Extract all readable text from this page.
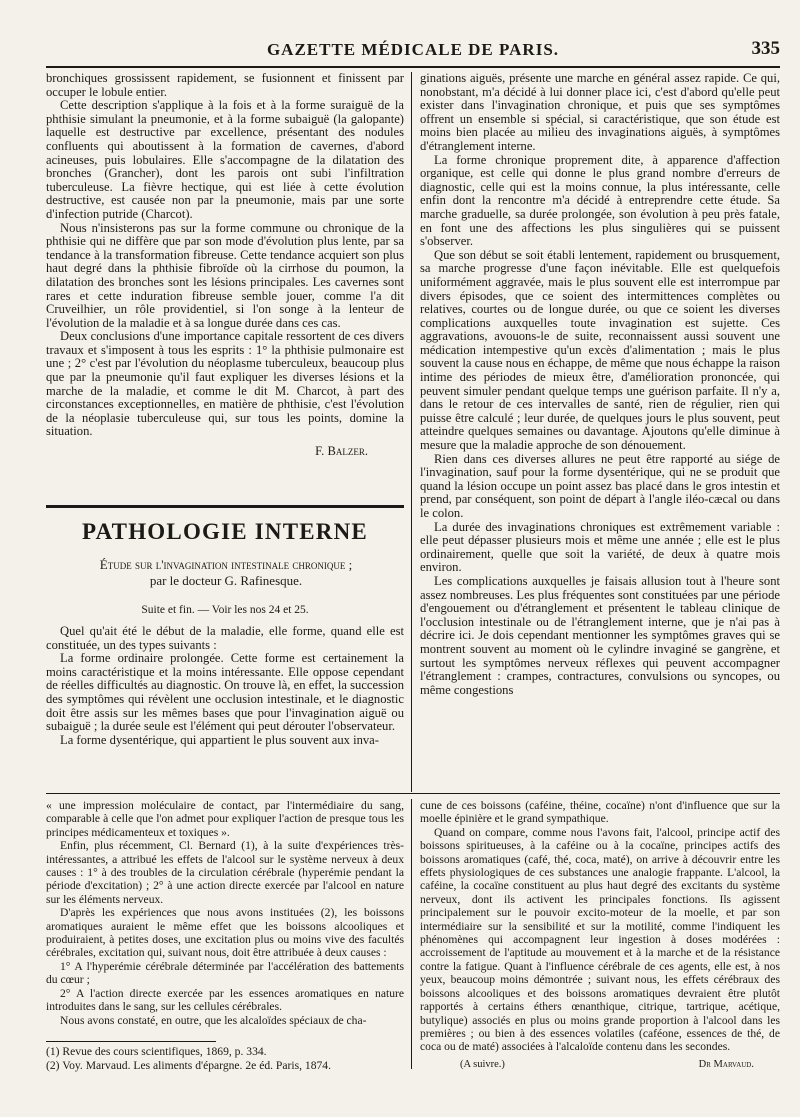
GAZETTE MÉDICALE DE PARIS.	335

bronchiques grossissent rapidement, se fusionnent et finissent par occuper le lobule entier.

Cette description s'applique à la fois et à la forme suraiguë de la phthisie simulant la pneumonie, et à la forme subaiguë (la galopante) laquelle est destructive par excellence, présentant des nodules confluents qui aboutissent à la formation de cavernes, d'abord acineuses, puis lobulaires. Elle s'accompagne de la dilatation des bronches (Grancher), dont les parois ont subi l'infiltration tuberculeuse. La fièvre hectique, qui est liée à cette évolution destructive, est causée non par la pneumonie, mais par une sorte d'infection putride (Charcot).

Nous n'insisterons pas sur la forme commune ou chronique de la phthisie qui ne diffère que par son mode d'évolution plus lente, par sa tendance à la transformation fibreuse. Cette tendance acquiert son plus haut degré dans la phthisie fibroïde où la cirrhose du poumon, la dilatation des bronches sont les lésions principales. Les cavernes sont rares et cette induration fibreuse semble jouer, comme l'a dit Cruveilhier, un rôle providentiel, si l'on songe à la lenteur de l'évolution de la maladie et à sa longue durée dans ces cas.

Deux conclusions d'une importance capitale ressortent de ces divers travaux et s'imposent à tous les esprits : 1° la phthisie pulmonaire est une ; 2° c'est par l'évolution du néoplasme tuberculeux, beaucoup plus que par la pneumonie qu'il faut expliquer les diverses lésions et la marche de la maladie, et comme le dit M. Charcot, à part des circonstances exceptionnelles, en matière de phthisie, c'est l'évolution de la néoplasie tuberculeuse qui, sur tous les points, domine la situation.

F. Balzer.

PATHOLOGIE INTERNE
Étude sur l'invagination intestinale chronique ;
par le docteur G. Rafinesque.
Suite et fin. — Voir les nos 24 et 25.

Quel qu'ait été le début de la maladie, elle forme, quand elle est constituée, un des types suivants :

La forme ordinaire prolongée. Cette forme est certainement la moins caractéristique et la moins intéressante. Elle oppose cependant de réelles difficultés au diagnostic. On trouve là, en effet, la succession des symptômes qui révèlent une occlusion intestinale, et le diagnostic doit être assis sur les mêmes bases que pour l'invagination aiguë ou subaiguë ; la durée seule est l'élément qui peut dérouter l'observateur.

La forme dysentérique, qui appartient le plus souvent aux inva-

ginations aiguës, présente une marche en général assez rapide. Ce qui, nonobstant, m'a décidé à lui donner place ici, c'est d'abord qu'elle peut exister dans l'invagination chronique, et puis que ses symptômes offrent un ensemble si spécial, si caractéristique, que son étude est moins bien placée au milieu des invaginations aiguës, à symptômes d'étranglement interne.

La forme chronique proprement dite, à apparence d'affection organique, est celle qui donne le plus grand nombre d'erreurs de diagnostic, celle qui est la moins connue, la plus intéressante, celle enfin dont la rencontre m'a décidé à entreprendre cette étude. Sa marche graduelle, sa durée prolongée, son évolution à peu près fatale, en font une des affections les plus singulières qui se puissent s'observer.

Que son début se soit établi lentement, rapidement ou brusquement, sa marche progresse d'une façon inévitable. Elle est quelquefois uniformément aggravée, mais le plus souvent elle est interrompue par divers épisodes, que ce soient des intermittences complètes ou relatives, courtes ou de longue durée, ou que ce soient les diverses complications auxquelles toute invagination est sujette. Ces aggravations, avouons-le de suite, reconnaissent aussi souvent une médication intempestive qu'un excès d'alimentation ; mais le plus souvent la cause nous en échappe, de même que nous échappe la raison intime des périodes de mieux être, d'amélioration prononcée, qui peuvent simuler pendant quelque temps une guérison parfaite. Il n'y a, dans le retour de ces intervalles de santé, rien de régulier, rien qui puisse être calculé ; leur durée, de quelques jours le plus souvent, peut atteindre quelques semaines ou davantage. Ajoutons qu'elle diminue à mesure que la maladie approche de son dénouement.

Rien dans ces diverses allures ne peut être rapporté au siége de l'invagination, sauf pour la forme dysentérique, qui ne se produit que quand la lésion occupe un point assez bas placé dans le gros intestin et prend, par conséquent, son point de départ à l'angle iléo-cæcal ou dans le colon.

La durée des invaginations chroniques est extrêmement variable : elle peut dépasser plusieurs mois et même une année ; elle est le plus ordinairement, quelle que soit la variété, de deux à quatre mois environ.

Les complications auxquelles je faisais allusion tout à l'heure sont assez nombreuses. Les plus fréquentes sont constituées par une période d'engouement ou d'étranglement et présentent le tableau clinique de l'occlusion intestinale ou de l'étranglement interne, que je n'ai pas à décrire ici. Je dois cependant mentionner les symptômes graves qui se montrent souvent au moment où le cylindre invaginé se gangrène, et surtout les symptômes nerveux réflexes qui peuvent accompagner l'étranglement : crampes, contractures, convulsions ou syncopes, ou même congestions

« une impression moléculaire de contact, par l'intermédiaire du sang, comparable à celle que l'on admet pour expliquer l'action de presque tous les principes médicamenteux et toxiques ».

Enfin, plus récemment, Cl. Bernard (1), à la suite d'expériences très-intéressantes, a attribué les effets de l'alcool sur le système nerveux à deux causes : 1° à des troubles de la circulation cérébrale (hyperémie pendant la période d'excitation) ; 2° à une action directe exercée par l'alcool en nature sur les éléments nerveux.

D'après les expériences que nous avons instituées (2), les boissons aromatiques auraient le même effet que les boissons alcooliques et produiraient, à petites doses, une excitation plus ou moins vive des facultés cérébrales, excitation qui, suivant nous, doit être attribuée à deux causes :

1° A l'hyperémie cérébrale déterminée par l'accélération des battements du cœur ;

2° A l'action directe exercée par les essences aromatiques en nature introduites dans le sang, sur les cellules cérébrales.

Nous avons constaté, en outre, que les alcaloïdes spéciaux de cha-

cune de ces boissons (caféine, théine, cocaïne) n'ont d'influence que sur la moelle épinière et le grand sympathique.

Quand on compare, comme nous l'avons fait, l'alcool, principe actif des boissons spiritueuses, à la caféine ou à la cocaïne, principes actifs des boissons aromatiques (café, thé, coca, maté), on arrive à découvrir entre les effets physiologiques de ces substances une analogie frappante. L'alcool, la caféine, la cocaïne constituent au plus haut degré des excitants du système nerveux, dont ils activent les principales fonctions. Ils agissent principalement sur le pouvoir excito-moteur de la moelle, et par son intermédiaire sur la sensibilité et sur la motilité, comme l'indiquent les phénomènes qui accompagnent leur ingestion à doses modérées : accroissement de l'aptitude au mouvement et à la marche et de la résistance contre la fatigue. Quant à l'influence cérébrale de ces agents, elle est, à nos yeux, beaucoup moins démontrée ; suivant nous, les effets cérébraux des boissons alcooliques et des boissons aromatiques devraient être plutôt rapportés à certains éthers œnanthique, citrique, tartrique, acétique, butylique) associés en plus ou moins grande proportion à l'alcool dans les premières ; ou bien à des essences volatiles (caféone, essences de thé, de coca ou de maté) associées à l'alcaloïde contenu dans les secondes.

(A suivre.)	Dr Marvaud.

(1) Revue des cours scientifiques, 1869, p. 334.
(2) Voy. Marvaud. Les aliments d'épargne. 2e éd. Paris, 1874.
